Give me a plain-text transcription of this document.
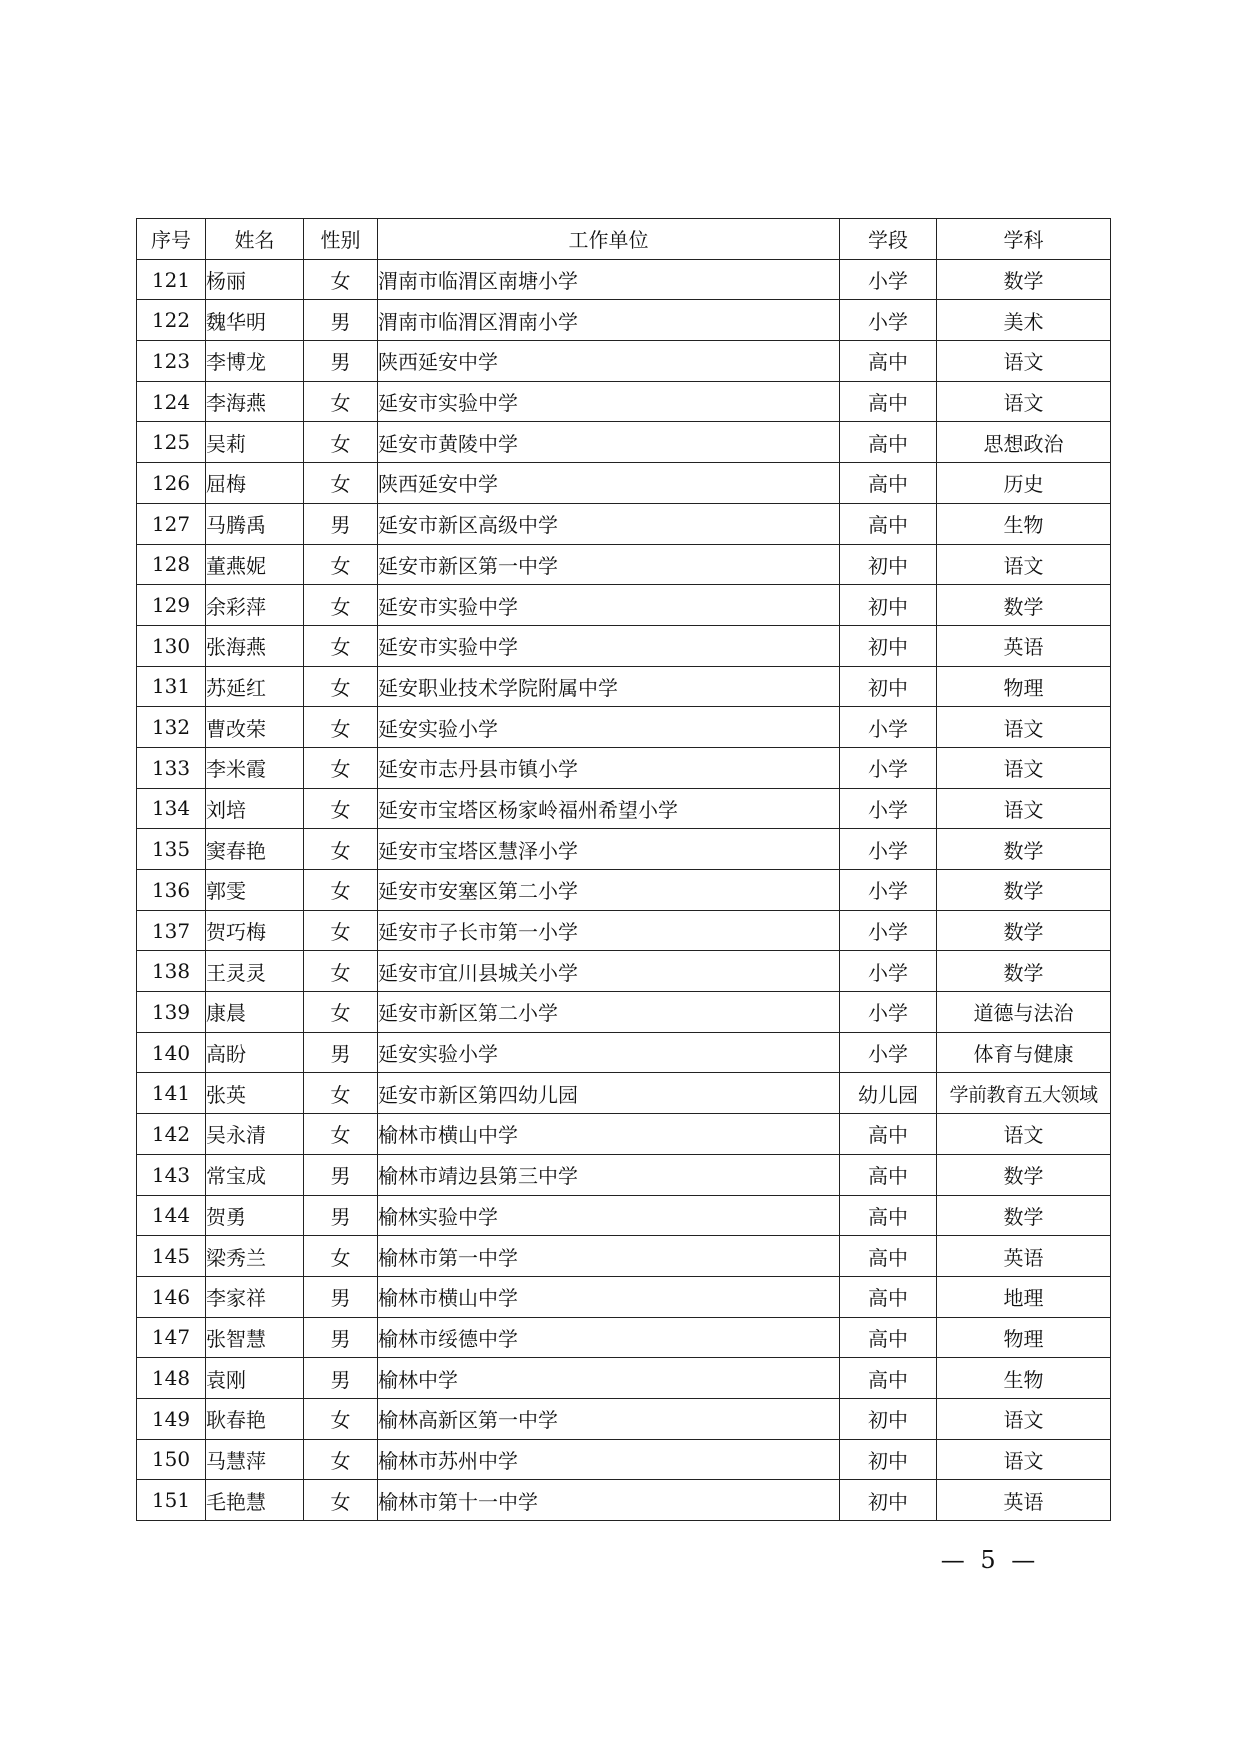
序号	姓名	性别	工作单位	学段	学科
121	杨丽	女	渭南市临渭区南塘小学	小学	数学
122	魏华明	男	渭南市临渭区渭南小学	小学	美术
123	李博龙	男	陕西延安中学	高中	语文
124	李海燕	女	延安市实验中学	高中	语文
125	吴莉	女	延安市黄陵中学	高中	思想政治
126	屈梅	女	陕西延安中学	高中	历史
127	马腾禹	男	延安市新区高级中学	高中	生物
128	董燕妮	女	延安市新区第一中学	初中	语文
129	余彩萍	女	延安市实验中学	初中	数学
130	张海燕	女	延安市实验中学	初中	英语
131	苏延红	女	延安职业技术学院附属中学	初中	物理
132	曹改荣	女	延安实验小学	小学	语文
133	李米霞	女	延安市志丹县市镇小学	小学	语文
134	刘培	女	延安市宝塔区杨家岭福州希望小学	小学	语文
135	窦春艳	女	延安市宝塔区慧泽小学	小学	数学
136	郭雯	女	延安市安塞区第二小学	小学	数学
137	贺巧梅	女	延安市子长市第一小学	小学	数学
138	王灵灵	女	延安市宜川县城关小学	小学	数学
139	康晨	女	延安市新区第二小学	小学	道德与法治
140	高盼	男	延安实验小学	小学	体育与健康
141	张英	女	延安市新区第四幼儿园	幼儿园	学前教育五大领域
142	吴永清	女	榆林市横山中学	高中	语文
143	常宝成	男	榆林市靖边县第三中学	高中	数学
144	贺勇	男	榆林实验中学	高中	数学
145	梁秀兰	女	榆林市第一中学	高中	英语
146	李家祥	男	榆林市横山中学	高中	地理
147	张智慧	男	榆林市绥德中学	高中	物理
148	袁刚	男	榆林中学	高中	生物
149	耿春艳	女	榆林高新区第一中学	初中	语文
150	马慧萍	女	榆林市苏州中学	初中	语文
151	毛艳慧	女	榆林市第十一中学	初中	英语
— 5 —
